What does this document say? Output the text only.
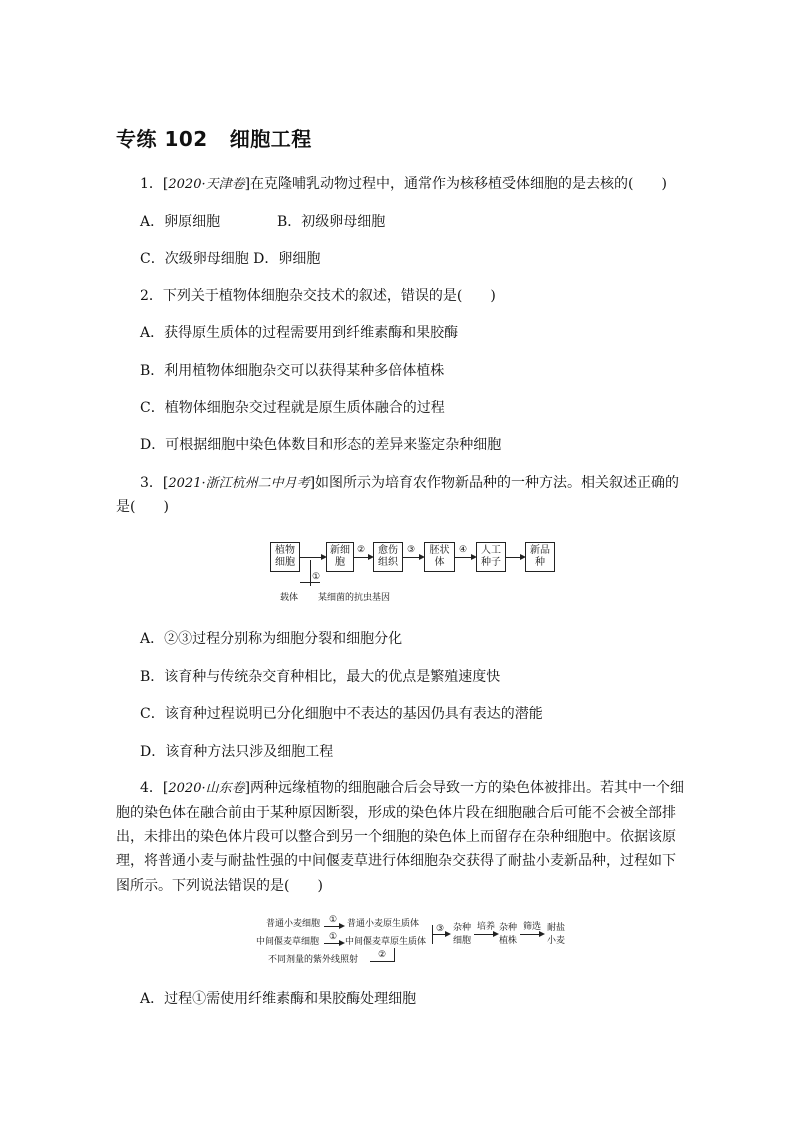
专练 102 细胞工程
1．[2020·天津卷]在克隆哺乳动物过程中，通常作为核移植受体细胞的是去核的(　　)
A．卵原细胞	B．初级卵母细胞
C．次级卵母细胞 D．卵细胞
2．下列关于植物体细胞杂交技术的叙述，错误的是(　　)
A．获得原生质体的过程需要用到纤维素酶和果胶酶
B．利用植物体细胞杂交可以获得某种多倍体植株
C．植物体细胞杂交过程就是原生质体融合的过程
D．可根据细胞中染色体数目和形态的差异来鉴定杂种细胞
3．[2021·浙江杭州二中月考]如图所示为培育农作物新品种的一种方法。相关叙述正确的
是(　　)
植物细胞
新细胞
②	愈伤组织
③	胚状体
④	人工种子
新品种
①
载体 某细菌的抗虫基因
A．②③过程分别称为细胞分裂和细胞分化
B．该育种与传统杂交育种相比，最大的优点是繁殖速度快
C．该育种过程说明已分化细胞中不表达的基因仍具有表达的潜能
D．该育种方法只涉及细胞工程
4．[2020·山东卷]两种远缘植物的细胞融合后会导致一方的染色体被排出。若其中一个细
胞的染色体在融合前由于某种原因断裂，形成的染色体片段在细胞融合后可能不会被全部排
出，未排出的染色体片段可以整合到另一个细胞的染色体上而留存在杂种细胞中。依据该原
理，将普通小麦与耐盐性强的中间偃麦草进行体细胞杂交获得了耐盐小麦新品种，过程如下
图所示。下列说法错误的是(　　)
普通小麦细胞
中间偃麦草细胞
①
①
普通小麦原生质体
中间偃麦草原生质体
不同剂量的紫外线照射 ②
③ 杂种细胞
培养 杂种植株
筛选 耐盐小麦
A．过程①需使用纤维素酶和果胶酶处理细胞
